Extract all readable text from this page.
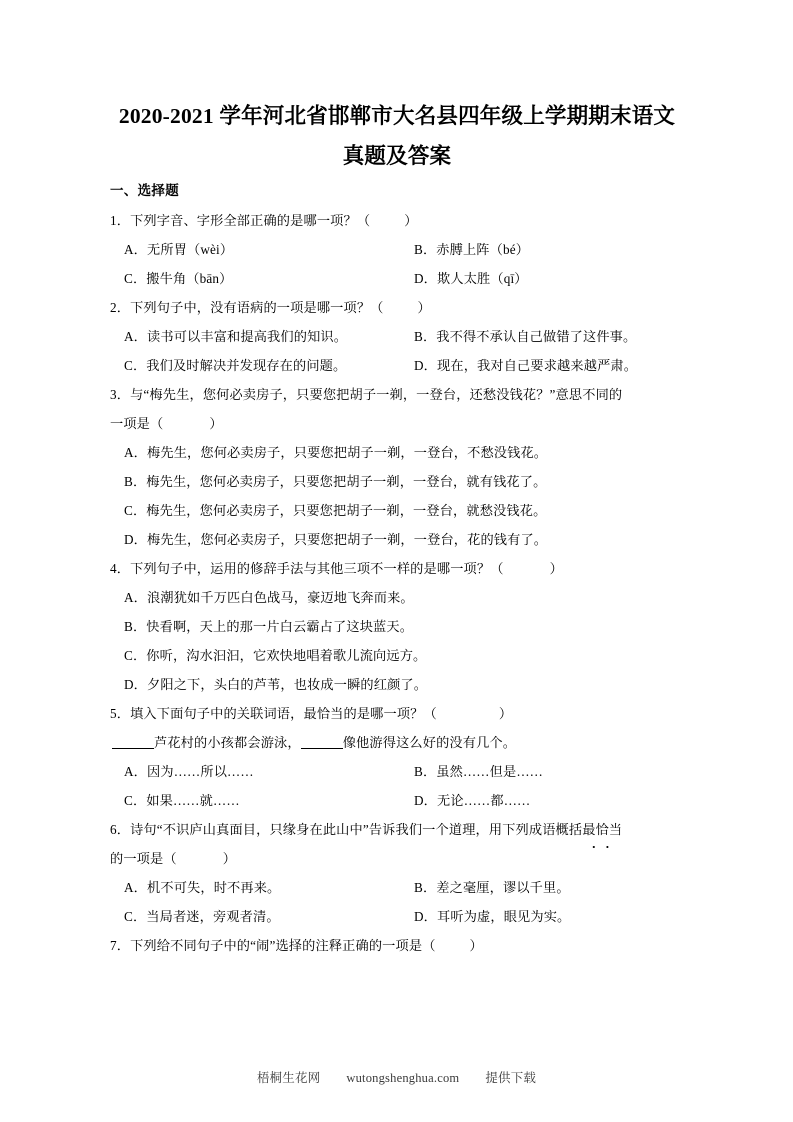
2020-2021 学年河北省邯郸市大名县四年级上学期期末语文
真题及答案
一、选择题
1．下列字音、字形全部正确的是哪一项？（	）
A．无所胃（wèi）	B．赤膊上阵（bé）
C．搬牛角（bān）	D．欺人太胜（qī）
2．下列句子中，没有语病的一项是哪一项？（	）
A．读书可以丰富和提高我们的知识。	B．我不得不承认自己做错了这件事。
C．我们及时解决并发现存在的问题。	D．现在，我对自己要求越来越严肃。
3．与“梅先生，您何必卖房子，只要您把胡子一剃，一登台，还愁没钱花？”意思不同的
一项是（	）
A．梅先生，您何必卖房子，只要您把胡子一剃，一登台，不愁没钱花。
B．梅先生，您何必卖房子，只要您把胡子一剃，一登台，就有钱花了。
C．梅先生，您何必卖房子，只要您把胡子一剃，一登台，就愁没钱花。
D．梅先生，您何必卖房子，只要您把胡子一剃，一登台，花的钱有了。
4．下列句子中，运用的修辞手法与其他三项不一样的是哪一项？（	）
A．浪潮犹如千万匹白色战马，豪迈地飞奔而来。
B．快看啊，天上的那一片白云霸占了这块蓝天。
C．你听，沟水汩汩，它欢快地唱着歌儿流向远方。
D．夕阳之下，头白的芦苇，也妆成一瞬的红颜了。
5．填入下面句子中的关联词语，最恰当的是哪一项？（	）
芦花村的小孩都会游泳，	像他游得这么好的没有几个。
A．因为……所以……	B．虽然……但是……
C．如果……就……	D．无论……都……
6．诗句“不识庐山真面目，只缘身在此山中”告诉我们一个道理，用下列成语概括最恰当
的一项是（	）
A．机不可失，时不再来。	B．差之毫厘，谬以千里。
C．当局者迷，旁观者清。	D．耳听为虚，眼见为实。
7．下列给不同句子中的“闹”选择的注释正确的一项是（	）
梧桐生花网 wutongshenghua.com 提供下载
